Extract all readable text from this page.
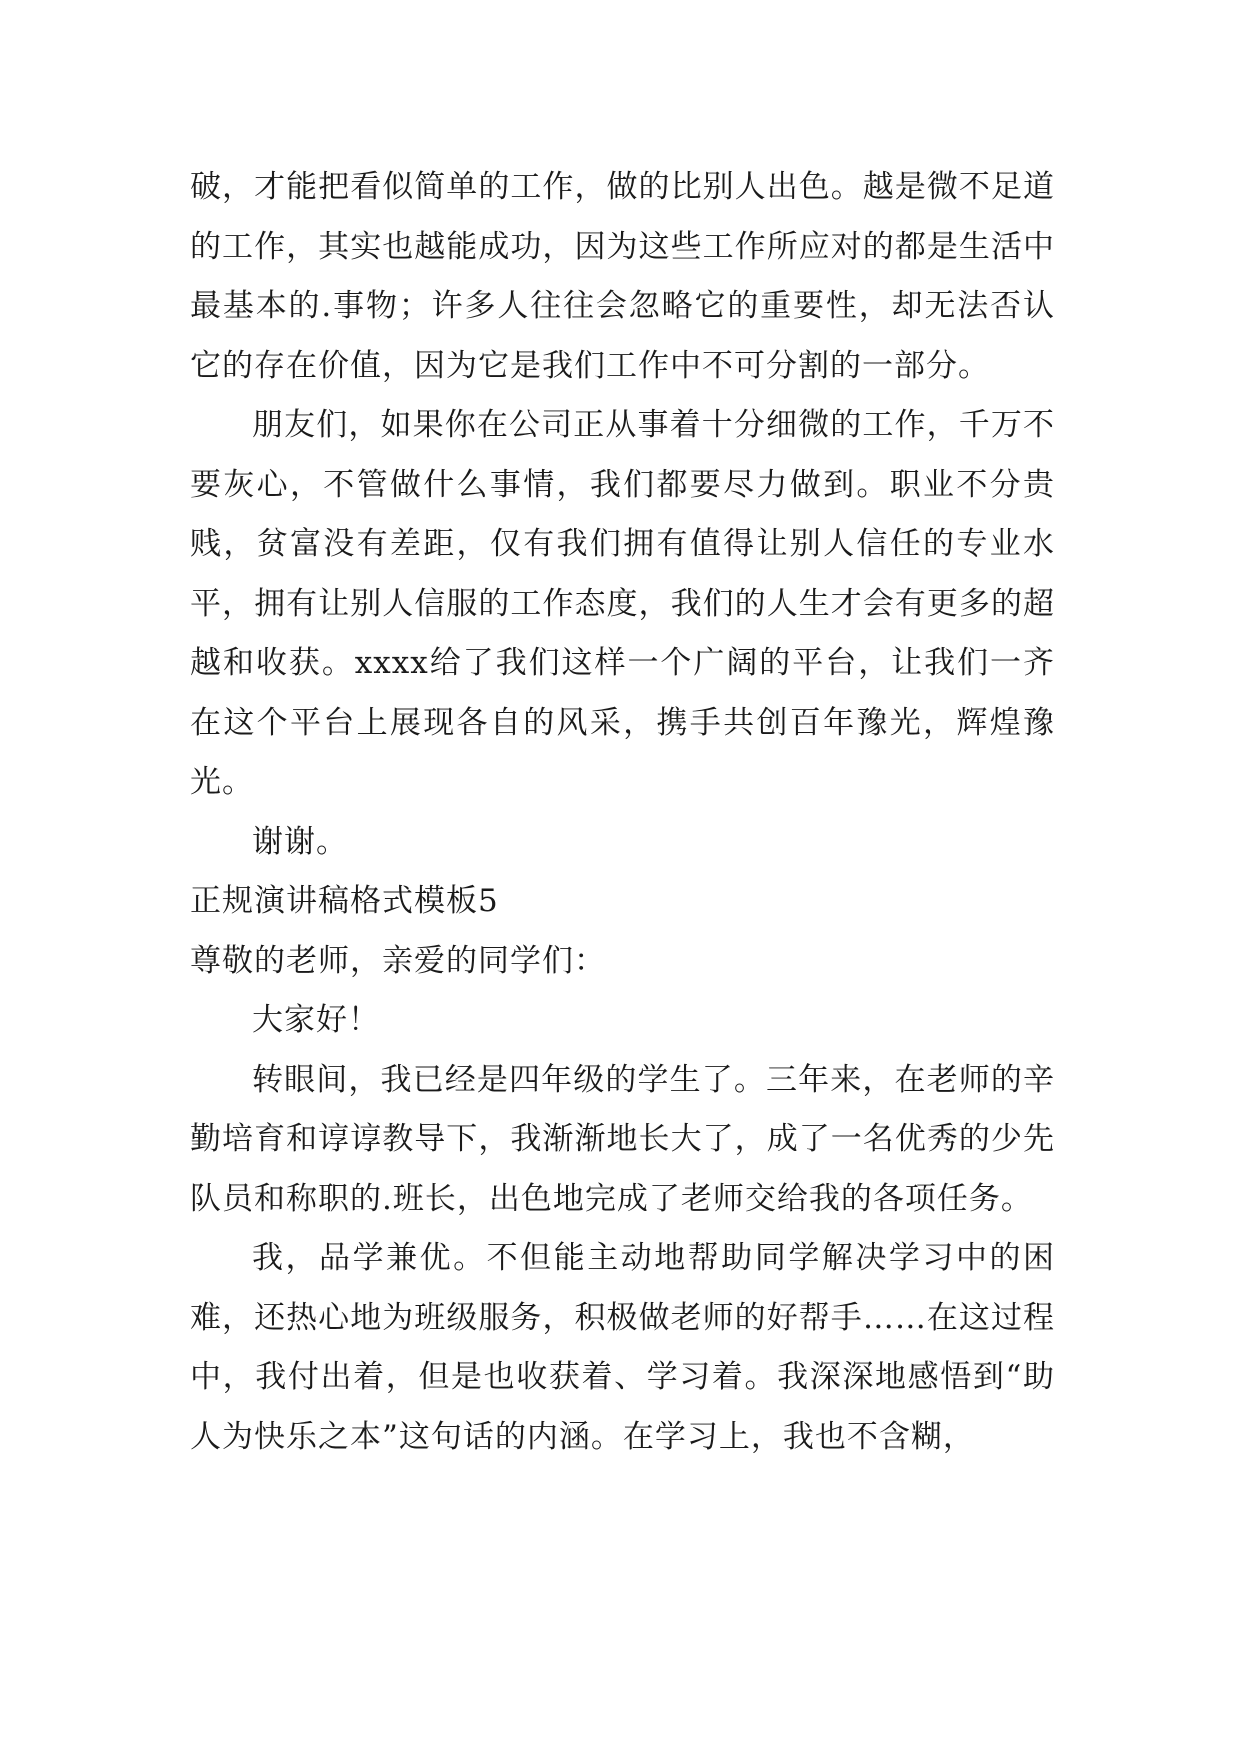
破，才能把看似简单的工作，做的比别人出色。越是微不足道的工作，其实也越能成功，因为这些工作所应对的都是生活中最基本的.事物；许多人往往会忽略它的重要性，却无法否认它的存在价值，因为它是我们工作中不可分割的一部分。

朋友们，如果你在公司正从事着十分细微的工作，千万不要灰心，不管做什么事情，我们都要尽力做到。职业不分贵贱，贫富没有差距，仅有我们拥有值得让别人信任的专业水平，拥有让别人信服的工作态度，我们的人生才会有更多的超越和收获。xxxx给了我们这样一个广阔的平台，让我们一齐在这个平台上展现各自的风采，携手共创百年豫光，辉煌豫光。

谢谢。

正规演讲稿格式模板5

尊敬的老师，亲爱的同学们：

大家好！

转眼间，我已经是四年级的学生了。三年来，在老师的辛勤培育和谆谆教导下，我渐渐地长大了，成了一名优秀的少先队员和称职的.班长，出色地完成了老师交给我的各项任务。

我，品学兼优。不但能主动地帮助同学解决学习中的困难，还热心地为班级服务，积极做老师的好帮手……在这过程中，我付出着，但是也收获着、学习着。我深深地感悟到“助人为快乐之本”这句话的内涵。在学习上，我也不含糊，
